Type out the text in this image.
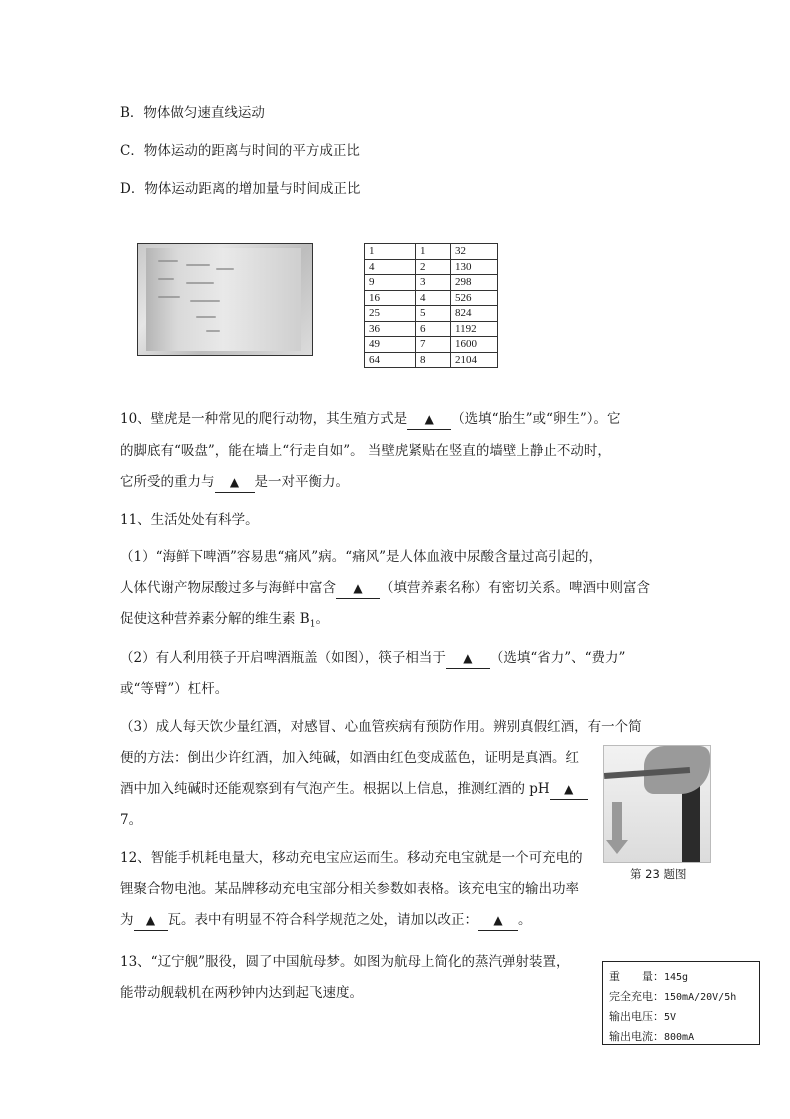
B．物体做匀速直线运动
C．物体运动的距离与时间的平方成正比
D．物体运动距离的增加量与时间成正比
1	1	32
4	2	130
9	3	298
16	4	526
25	5	824
36	6	1192
49	7	1600
64	8	2104
10、壁虎是一种常见的爬行动物，其生殖方式是 ▲ （选填“胎生”或“卵生”）。它
的脚底有“吸盘”，能在墙上“行走自如”。 当壁虎紧贴在竖直的墙壁上静止不动时，
它所受的重力与 ▲ 是一对平衡力。
11、生活处处有科学。
（1）“海鲜下啤酒”容易患“痛风”病。“痛风”是人体血液中尿酸含量过高引起的，
人体代谢产物尿酸过多与海鲜中富含 ▲ （填营养素名称）有密切关系。啤酒中则富含
促使这种营养素分解的维生素 $B_1$。
（2）有人利用筷子开启啤酒瓶盖（如图），筷子相当于 ▲ （选填“省力”、“费力”
或“等臂”）杠杆。
（3）成人每天饮少量红酒，对感冒、心血管疾病有预防作用。辨别真假红酒，有一个简
便的方法：倒出少许红酒，加入纯碱，如酒由红色变成蓝色，证明是真酒。红
酒中加入纯碱时还能观察到有气泡产生。根据以上信息，推测红酒的 pH ▲
7。
第 23 题图
12、智能手机耗电量大，移动充电宝应运而生。移动充电宝就是一个可充电的
锂聚合物电池。某品牌移动充电宝部分相关参数如表格。该充电宝的输出功率
为 ▲ 瓦。表中有明显不符合科学规范之处，请加以改正： ▲ 。
13、“辽宁舰”服役，圆了中国航母梦。如图为航母上简化的蒸汽弹射装置，
能带动舰载机在两秒钟内达到起飞速度。
重　　量：145g
完全充电：150mA/20V/5h
输出电压：5V
输出电流：800mA
